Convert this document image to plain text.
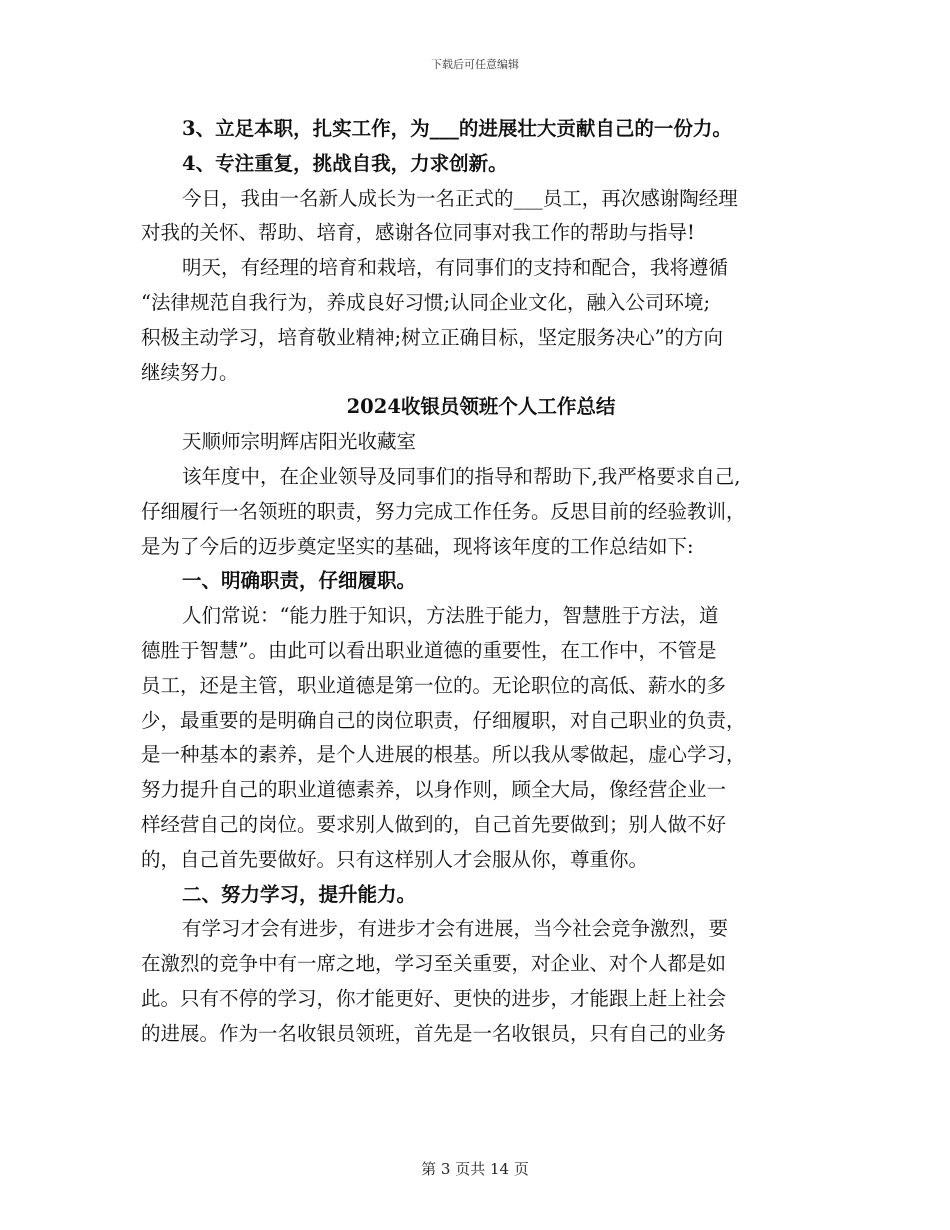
下载后可任意编辑
3、立足本职，扎实工作，为___的进展壮大贡献自己的一份力。
4、专注重复，挑战自我，力求创新。
今日，我由一名新人成长为一名正式的___员工，再次感谢陶经理
对我的关怀、帮助、培育，感谢各位同事对我工作的帮助与指导!
明天，有经理的培育和栽培，有同事们的支持和配合，我将遵循
“法律规范自我行为，养成良好习惯;认同企业文化，融入公司环境;
积极主动学习，培育敬业精神;树立正确目标，坚定服务决心”的方向
继续努力。
2024收银员领班个人工作总结
天顺师宗明辉店阳光收藏室
该年度中，在企业领导及同事们的指导和帮助下,我严格要求自己,
仔细履行一名领班的职责，努力完成工作任务。反思目前的经验教训，
是为了今后的迈步奠定坚实的基础，现将该年度的工作总结如下:
一、明确职责，仔细履职。
人们常说：“能力胜于知识，方法胜于能力，智慧胜于方法，道
德胜于智慧”。由此可以看出职业道德的重要性，在工作中，不管是
员工，还是主管，职业道德是第一位的。无论职位的高低、薪水的多
少，最重要的是明确自己的岗位职责，仔细履职，对自己职业的负责，
是一种基本的素养，是个人进展的根基。所以我从零做起，虚心学习，
努力提升自己的职业道德素养，以身作则，顾全大局，像经营企业一
样经营自己的岗位。要求别人做到的，自己首先要做到；别人做不好
的，自己首先要做好。只有这样别人才会服从你，尊重你。
二、努力学习，提升能力。
有学习才会有进步，有进步才会有进展，当今社会竞争激烈，要
在激烈的竞争中有一席之地，学习至关重要，对企业、对个人都是如
此。只有不停的学习，你才能更好、更快的进步，才能跟上赶上社会
的进展。作为一名收银员领班，首先是一名收银员，只有自己的业务
第 3 页共 14 页
